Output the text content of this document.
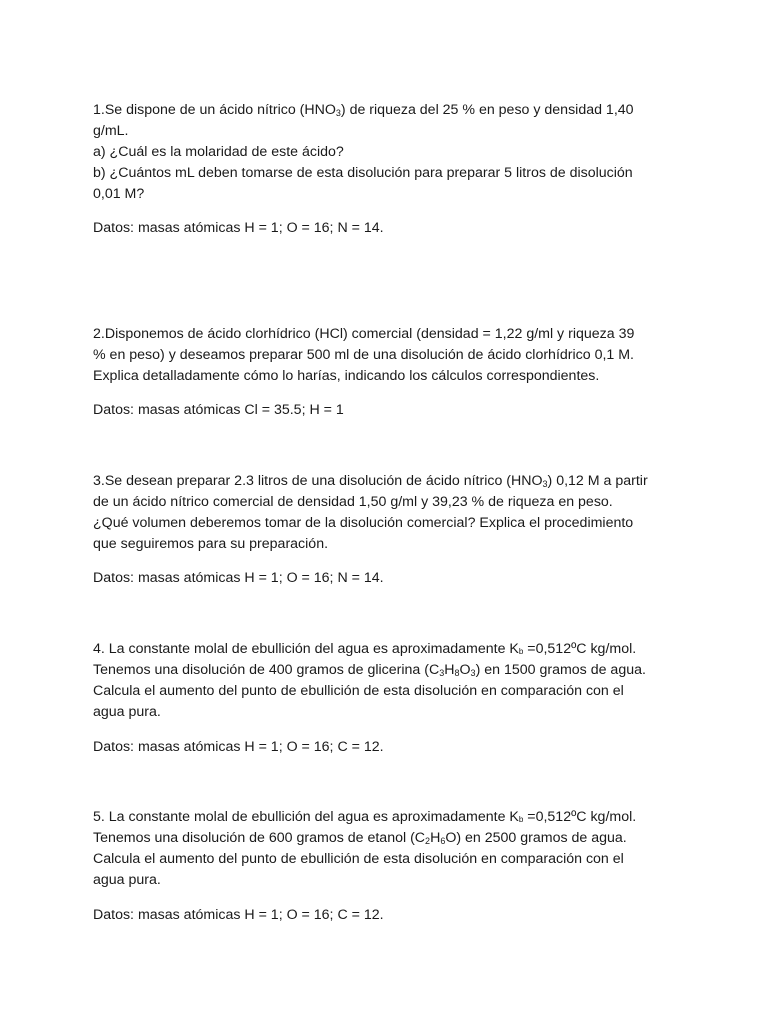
1.Se dispone de un ácido nítrico $(HNO_3)$ de riqueza del 25 % en peso y densidad 1,40
g/mL.
a) ¿Cuál es la molaridad de este ácido?
b) ¿Cuántos mL deben tomarse de esta disolución para preparar 5 litros de disolución
0,01 M?
Datos: masas atómicas H = 1; O = 16; N = 14.
2.Disponemos de ácido clorhídrico (HCl) comercial (densidad = 1,22 g/ml y riqueza 39
% en peso) y deseamos preparar 500 ml de una disolución de ácido clorhídrico 0,1 M.
Explica detalladamente cómo lo harías, indicando los cálculos correspondientes.
Datos: masas atómicas Cl = 35.5; H = 1
3.Se desean preparar 2.3 litros de una disolución de ácido nítrico $(HNO_3)$ 0,12 M a partir
de un ácido nítrico comercial de densidad 1,50 g/ml y 39,23 % de riqueza en peso.
¿Qué volumen deberemos tomar de la disolución comercial? Explica el procedimiento
que seguiremos para su preparación.
Datos: masas atómicas H = 1; O = 16; N = 14.
4. La constante molal de ebullición del agua es aproximadamente $K_b$ =0,512ºC kg/mol.
Tenemos una disolución de 400 gramos de glicerina $(C_3H_8O_3)$ en 1500 gramos de agua.
Calcula el aumento del punto de ebullición de esta disolución en comparación con el
agua pura.
Datos: masas atómicas H = 1; O = 16; C = 12.
5. La constante molal de ebullición del agua es aproximadamente $K_b$ =0,512ºC kg/mol.
Tenemos una disolución de 600 gramos de etanol $(C_2H_6O)$ en 2500 gramos de agua.
Calcula el aumento del punto de ebullición de esta disolución en comparación con el
agua pura.
Datos: masas atómicas H = 1; O = 16; C = 12.
